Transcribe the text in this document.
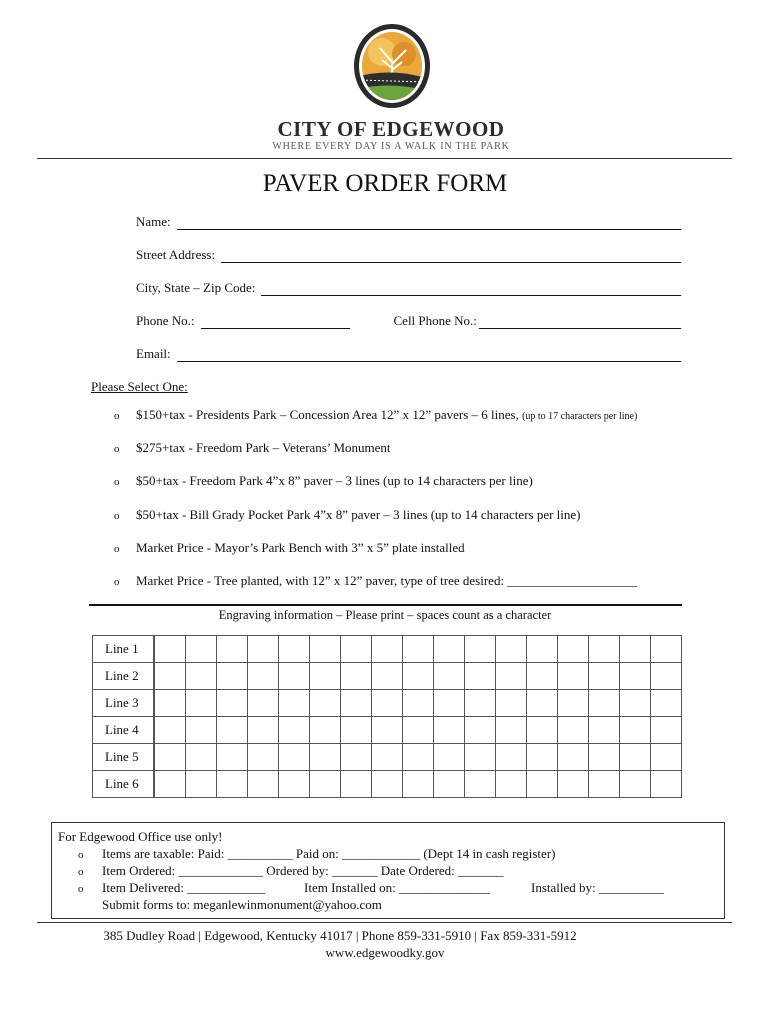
CITY OF EDGEWOOD
WHERE EVERY DAY IS A WALK IN THE PARK
PAVER ORDER FORM
Name:
Street Address:
City, State – Zip Code:
Phone No.:	Cell Phone No.:
Email:
Please Select One:
o $150+tax - Presidents Park – Concession Area 12” x 12” pavers – 6 lines, (up to 17 characters per line)
o $275+tax - Freedom Park – Veterans’ Monument
o $50+tax - Freedom Park 4”x 8” paver – 3 lines (up to 14 characters per line)
o $50+tax - Bill Grady Pocket Park 4”x 8” paver – 3 lines (up to 14 characters per line)
o Market Price - Mayor’s Park Bench with 3” x 5” plate installed
o Market Price - Tree planted, with 12” x 12” paver, type of tree desired: ____________________
Engraving information – Please print – spaces count as a character
Line 1																	
Line 2																	
Line 3																	
Line 4																	
Line 5																	
Line 6																	
For Edgewood Office use only!
o Items are taxable: Paid: __________ Paid on: ____________ (Dept 14 in cash register)
o Item Ordered: _____________ Ordered by: _______ Date Ordered: _______
o Item Delivered: ____________	Item Installed on: ______________	Installed by: __________
Submit forms to: meganlewinmonument@yahoo.com
385 Dudley Road | Edgewood, Kentucky 41017 | Phone 859-331-5910 | Fax 859-331-5912
www.edgewoodky.gov
